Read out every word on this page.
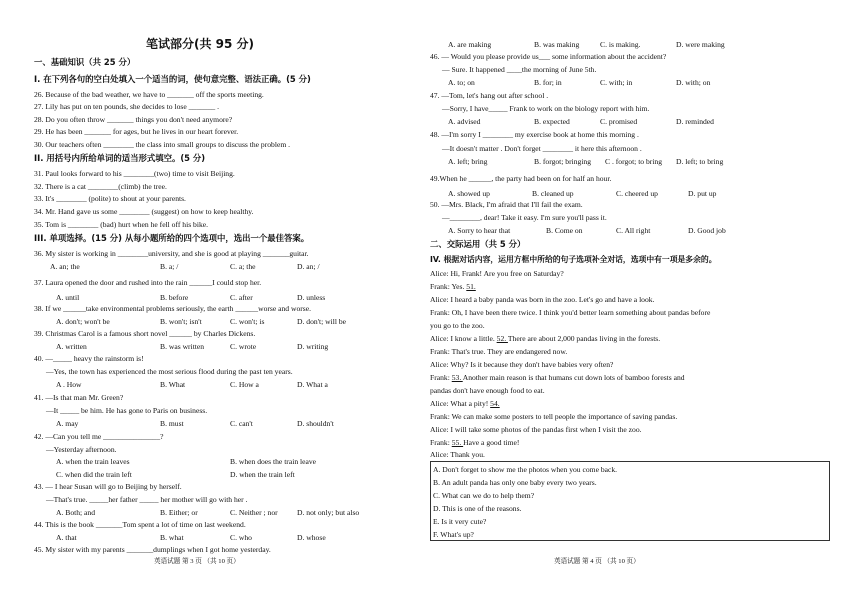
笔试部分(共 95 分)
一、基础知识（共 25 分）
I. 在下列各句的空白处填入一个适当的词，使句意完整、语法正确。(5 分)
26. Because of the bad weather, we have to _______ off the sports meeting.
27. Lily has put on ten pounds, she decides to lose _______ .
28. Do you often throw _______ things you don't need anymore?
29. He has been _______ for ages, but he lives in our heart forever.
30. Our teachers often ________ the class into small groups to discuss the problem .
II. 用括号内所给单词的适当形式填空。(5 分)
31. Paul looks forward to his ________(two) time to visit Beijing.
32. There is a cat ________(climb) the tree.
33. It's ________ (polite) to shout at your parents.
34. Mr. Hand gave us some ________ (suggest) on how to keep healthy.
35. Tom is ________ (bad) hurt when he fell off his bike.
III. 单项选择。(15 分) 从每小题所给的四个选项中，选出一个最佳答案。
36. My sister is working in ________university, and she is good at playing _______guitar.
A. an; the	B. a; /	C. a; the	D. an; /
37. Laura opened the door and rushed into the rain ______I could stop her.
A. until	B. before	C. after	D. unless
38. If we ______take environmental problems seriously, the earth ______worse and worse.
A. don't; won't be	B. won't; isn't	C. won't; is	D. don't; will be
39. Christmas Carol is a famous short novel ______ by Charles Dickens.
A. written	B. was written	C. wrote	D. writing
40. —_____ heavy the rainstorm is!
—Yes, the town has experienced the most serious flood during the past ten years.
A . How	B. What	C. How a	D. What a
41. —Is that man Mr. Green?
—It _____ be him. He has gone to Paris on business.
A. may	B. must	C. can't	D. shouldn't
42. —Can you tell me _______________?
—Yesterday afternoon.
A. when the train leaves	B. when does the train leave
C. when did the train left	D. when the train left
43. — I hear Susan will go to Beijing by herself.
—That's true. _____her father _____ her mother will go with her .
A. Both; and	B. Either; or	C. Neither ; nor	D. not only; but also
44. This is the book _______Tom spent a lot of time on last weekend.
A. that	B. what	C. who	D. whose
45. My sister with my parents _______dumplings when I got home yesterday.
英语试题 第 3 页 （共 10 页）
A. are making	B. was making	C. is making.	D. were making
46. — Would you please provide us___ some information about the accident?
— Sure. It happened ____the morning of June 5th.
A. to; on	B. for; in	C. with; in	D. with; on
47. —Tom, let's hang out after school .
—Sorry, I have_____ Frank to work on the biology report with him.
A. advised	B. expected	C. promised	D. reminded
48. —I'm sorry I ________ my exercise book at home this morning .
—It doesn't matter . Don't forget ________ it here this afternoon .
A. left; bring	B. forgot; bringing C . forgot; to bring D. left; to bring
49.When he ______, the party had been on for half an hour.
A. showed up	B. cleaned up	C. cheered up	D. put up
50. —Mrs. Black, I'm afraid that I'll fail the exam.
—________, dear! Take it easy. I'm sure you'll pass it.
A. Sorry to hear that	B. Come on	C. All right	D. Good job
二、交际运用（共 5 分）
IV. 根据对话内容，运用方框中所给的句子选项补全对话，选项中有一项是多余的。
Alice: Hi, Frank! Are you free on Saturday?
Frank: Yes. 51.
Alice: I heard a baby panda was born in the zoo. Let's go and have a look.
Frank: Oh, I have been there twice. I think you'd better learn something about pandas before
you go to the zoo.
Alice: I know a little. 52. There are about 2,000 pandas living in the forests.
Frank: That's true. They are endangered now.
Alice: Why? Is it because they don't have babies very often?
Frank: 53. Another main reason is that humans cut down lots of bamboo forests and
pandas don't have enough food to eat.
Alice: What a pity! 54.
Frank: We can make some posters to tell people the importance of saving pandas.
Alice: I will take some photos of the pandas first when I visit the zoo.
Frank: 55. Have a good time!
Alice: Thank you.
英语试题 第 4 页 （共 10 页）
A. Don't forget to show me the photos when you come back.
B. An adult panda has only one baby every two years.
C. What can we do to help them?
D. This is one of the reasons.
E. Is it very cute?
F. What's up?
